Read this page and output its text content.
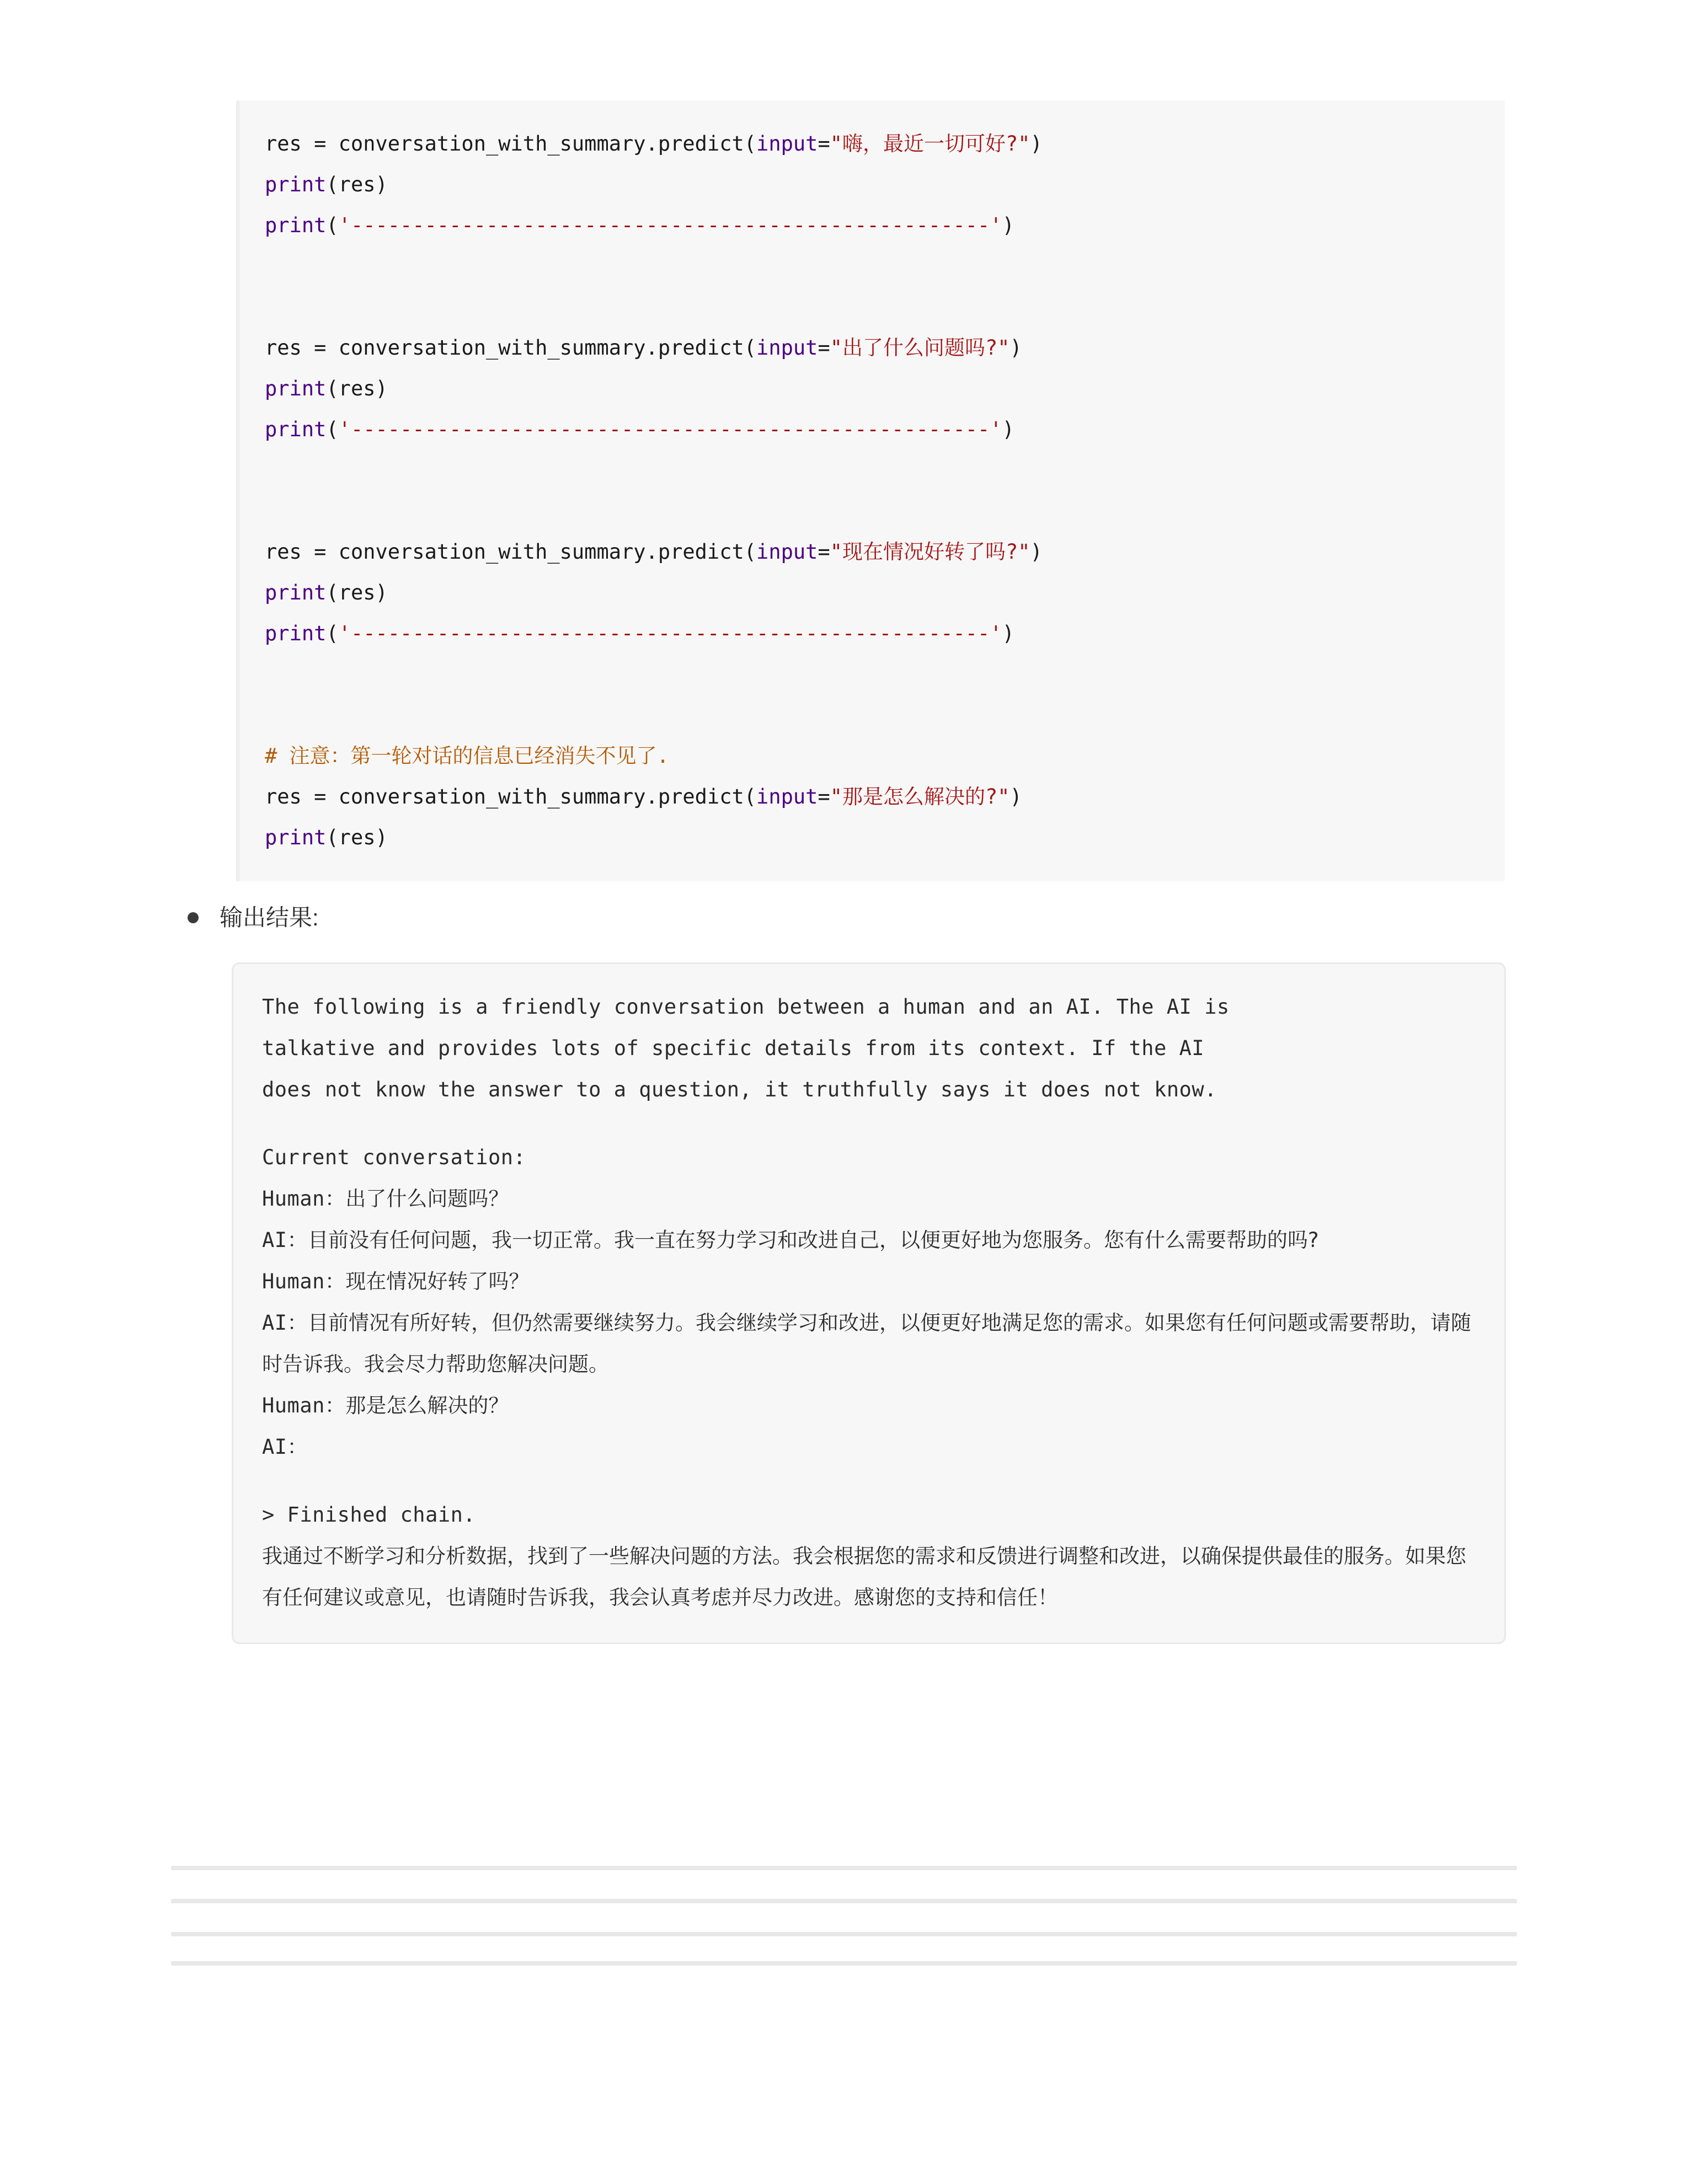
res = conversation_with_summary.predict(input="嗨，最近一切可好?")
print(res)
print('----------------------------------------------------')
res = conversation_with_summary.predict(input="出了什么问题吗?")
print(res)
print('----------------------------------------------------')
res = conversation_with_summary.predict(input="现在情况好转了吗?")
print(res)
print('----------------------------------------------------')
# 注意：第一轮对话的信息已经消失不见了.
res = conversation_with_summary.predict(input="那是怎么解决的?")
print(res)
输出结果:
The following is a friendly conversation between a human and an AI. The AI is
talkative and provides lots of specific details from its context. If the AI
does not know the answer to a question, it truthfully says it does not know.
Current conversation:
Human：出了什么问题吗？
AI：目前没有任何问题，我一切正常。我一直在努力学习和改进自己，以便更好地为您服务。您有什么需要帮助的吗?
Human：现在情况好转了吗？
AI：目前情况有所好转，但仍然需要继续努力。我会继续学习和改进，以便更好地满足您的需求。如果您有任何问题或需要帮助，请随时告诉我。我会尽力帮助您解决问题。
Human：那是怎么解决的？
AI：
> Finished chain.
我通过不断学习和分析数据，找到了一些解决问题的方法。我会根据您的需求和反馈进行调整和改进，以确保提供最佳的服务。如果您有任何建议或意见，也请随时告诉我，我会认真考虑并尽力改进。感谢您的支持和信任！
